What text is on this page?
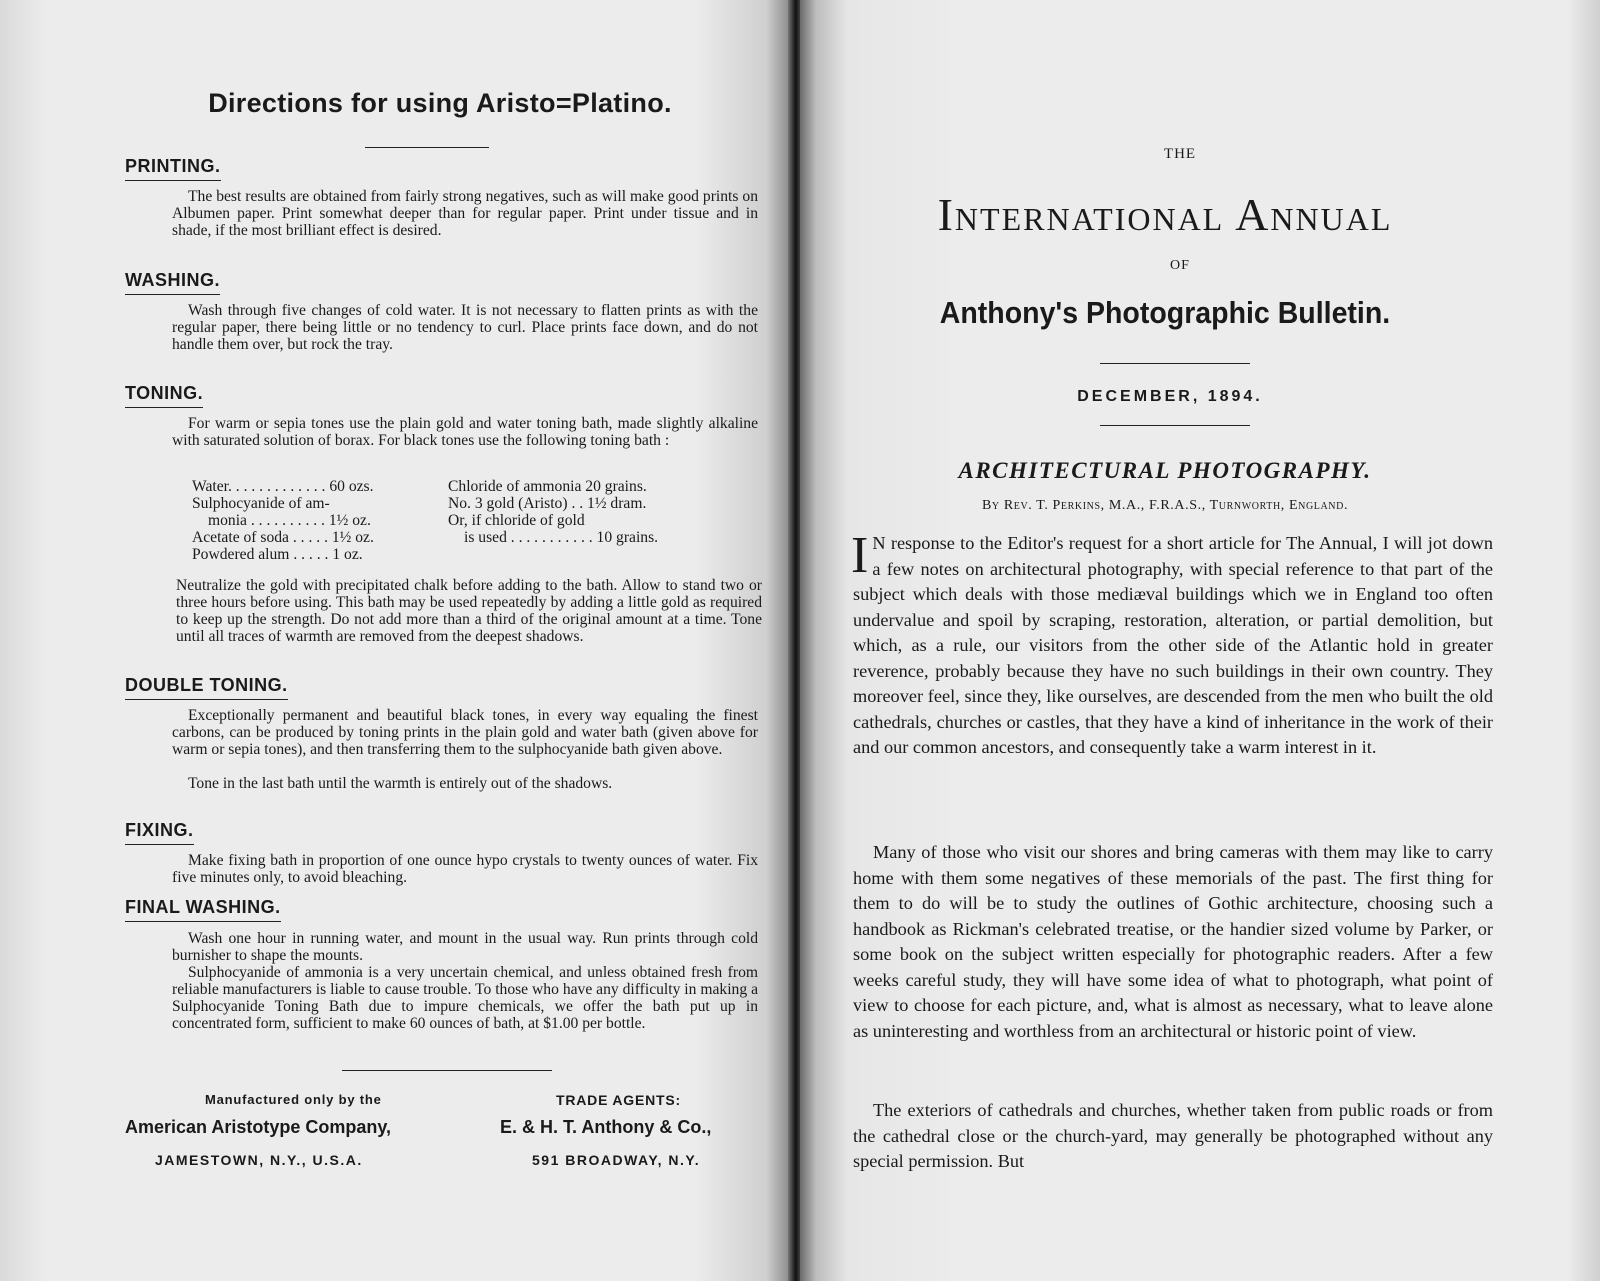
Directions for using Aristo=Platino.
PRINTING.
The best results are obtained from fairly strong negatives, such as will make good prints on Albumen paper. Print somewhat deeper than for regular paper. Print under tissue and in shade, if the most brilliant effect is desired.
WASHING.
Wash through five changes of cold water. It is not necessary to flatten prints as with the regular paper, there being little or no tendency to curl. Place prints face down, and do not handle them over, but rock the tray.
TONING.
For warm or sepia tones use the plain gold and water toning bath, made slightly alkaline with saturated solution of borax. For black tones use the following toning bath :
Water. . . . . . . . . . . . . 60 ozs.
Sulphocyanide of am-
monia . . . . . . . . . . 1½ oz.
Acetate of soda . . . . . 1½ oz.
Powdered alum . . . . . 1 oz.
Chloride of ammonia 20 grains.
No. 3 gold (Aristo) . . 1½ dram.
Or, if chloride of gold
is used . . . . . . . . . . . 10 grains.
Neutralize the gold with precipitated chalk before adding to the bath. Allow to stand two or three hours before using. This bath may be used repeatedly by adding a little gold as required to keep up the strength. Do not add more than a third of the original amount at a time. Tone until all traces of warmth are removed from the deepest shadows.
DOUBLE TONING.
Exceptionally permanent and beautiful black tones, in every way equaling the finest carbons, can be produced by toning prints in the plain gold and water bath (given above for warm or sepia tones), and then transferring them to the sulphocyanide bath given above.
Tone in the last bath until the warmth is entirely out of the shadows.
FIXING.
Make fixing bath in proportion of one ounce hypo crystals to twenty ounces of water. Fix five minutes only, to avoid bleaching.
FINAL WASHING.
Wash one hour in running water, and mount in the usual way. Run prints through cold burnisher to shape the mounts.
Sulphocyanide of ammonia is a very uncertain chemical, and unless obtained fresh from reliable manufacturers is liable to cause trouble. To those who have any difficulty in making a Sulphocyanide Toning Bath due to impure chemicals, we offer the bath put up in concentrated form, sufficient to make 60 ounces of bath, at $1.00 per bottle.
Manufactured only by the
American Aristotype Company,
JAMESTOWN, N.Y., U.S.A.
TRADE AGENTS:
E. & H. T. Anthony & Co.,
591 BROADWAY, N.Y.
THE
International Annual
OF
Anthony's Photographic Bulletin.
DECEMBER, 1894.
ARCHITECTURAL PHOTOGRAPHY.
By Rev. T. Perkins, M.A., F.R.A.S., Turnworth, England.
I N response to the Editor's request for a short article for The Annual, I will jot down a few notes on architectural photography, with special reference to that part of the subject which deals with those mediæval buildings which we in England too often undervalue and spoil by scraping, restoration, alteration, or partial demolition, but which, as a rule, our visitors from the other side of the Atlantic hold in greater reverence, probably because they have no such buildings in their own country. They moreover feel, since they, like ourselves, are descended from the men who built the old cathedrals, churches or castles, that they have a kind of inheritance in the work of their and our common ancestors, and consequently take a warm interest in it.
Many of those who visit our shores and bring cameras with them may like to carry home with them some negatives of these memorials of the past. The first thing for them to do will be to study the outlines of Gothic architecture, choosing such a handbook as Rickman's celebrated treatise, or the handier sized volume by Parker, or some book on the subject written especially for photographic readers. After a few weeks careful study, they will have some idea of what to photograph, what point of view to choose for each picture, and, what is almost as necessary, what to leave alone as uninteresting and worthless from an architectural or historic point of view.
The exteriors of cathedrals and churches, whether taken from public roads or from the cathedral close or the church-yard, may generally be photographed without any special permission. But
